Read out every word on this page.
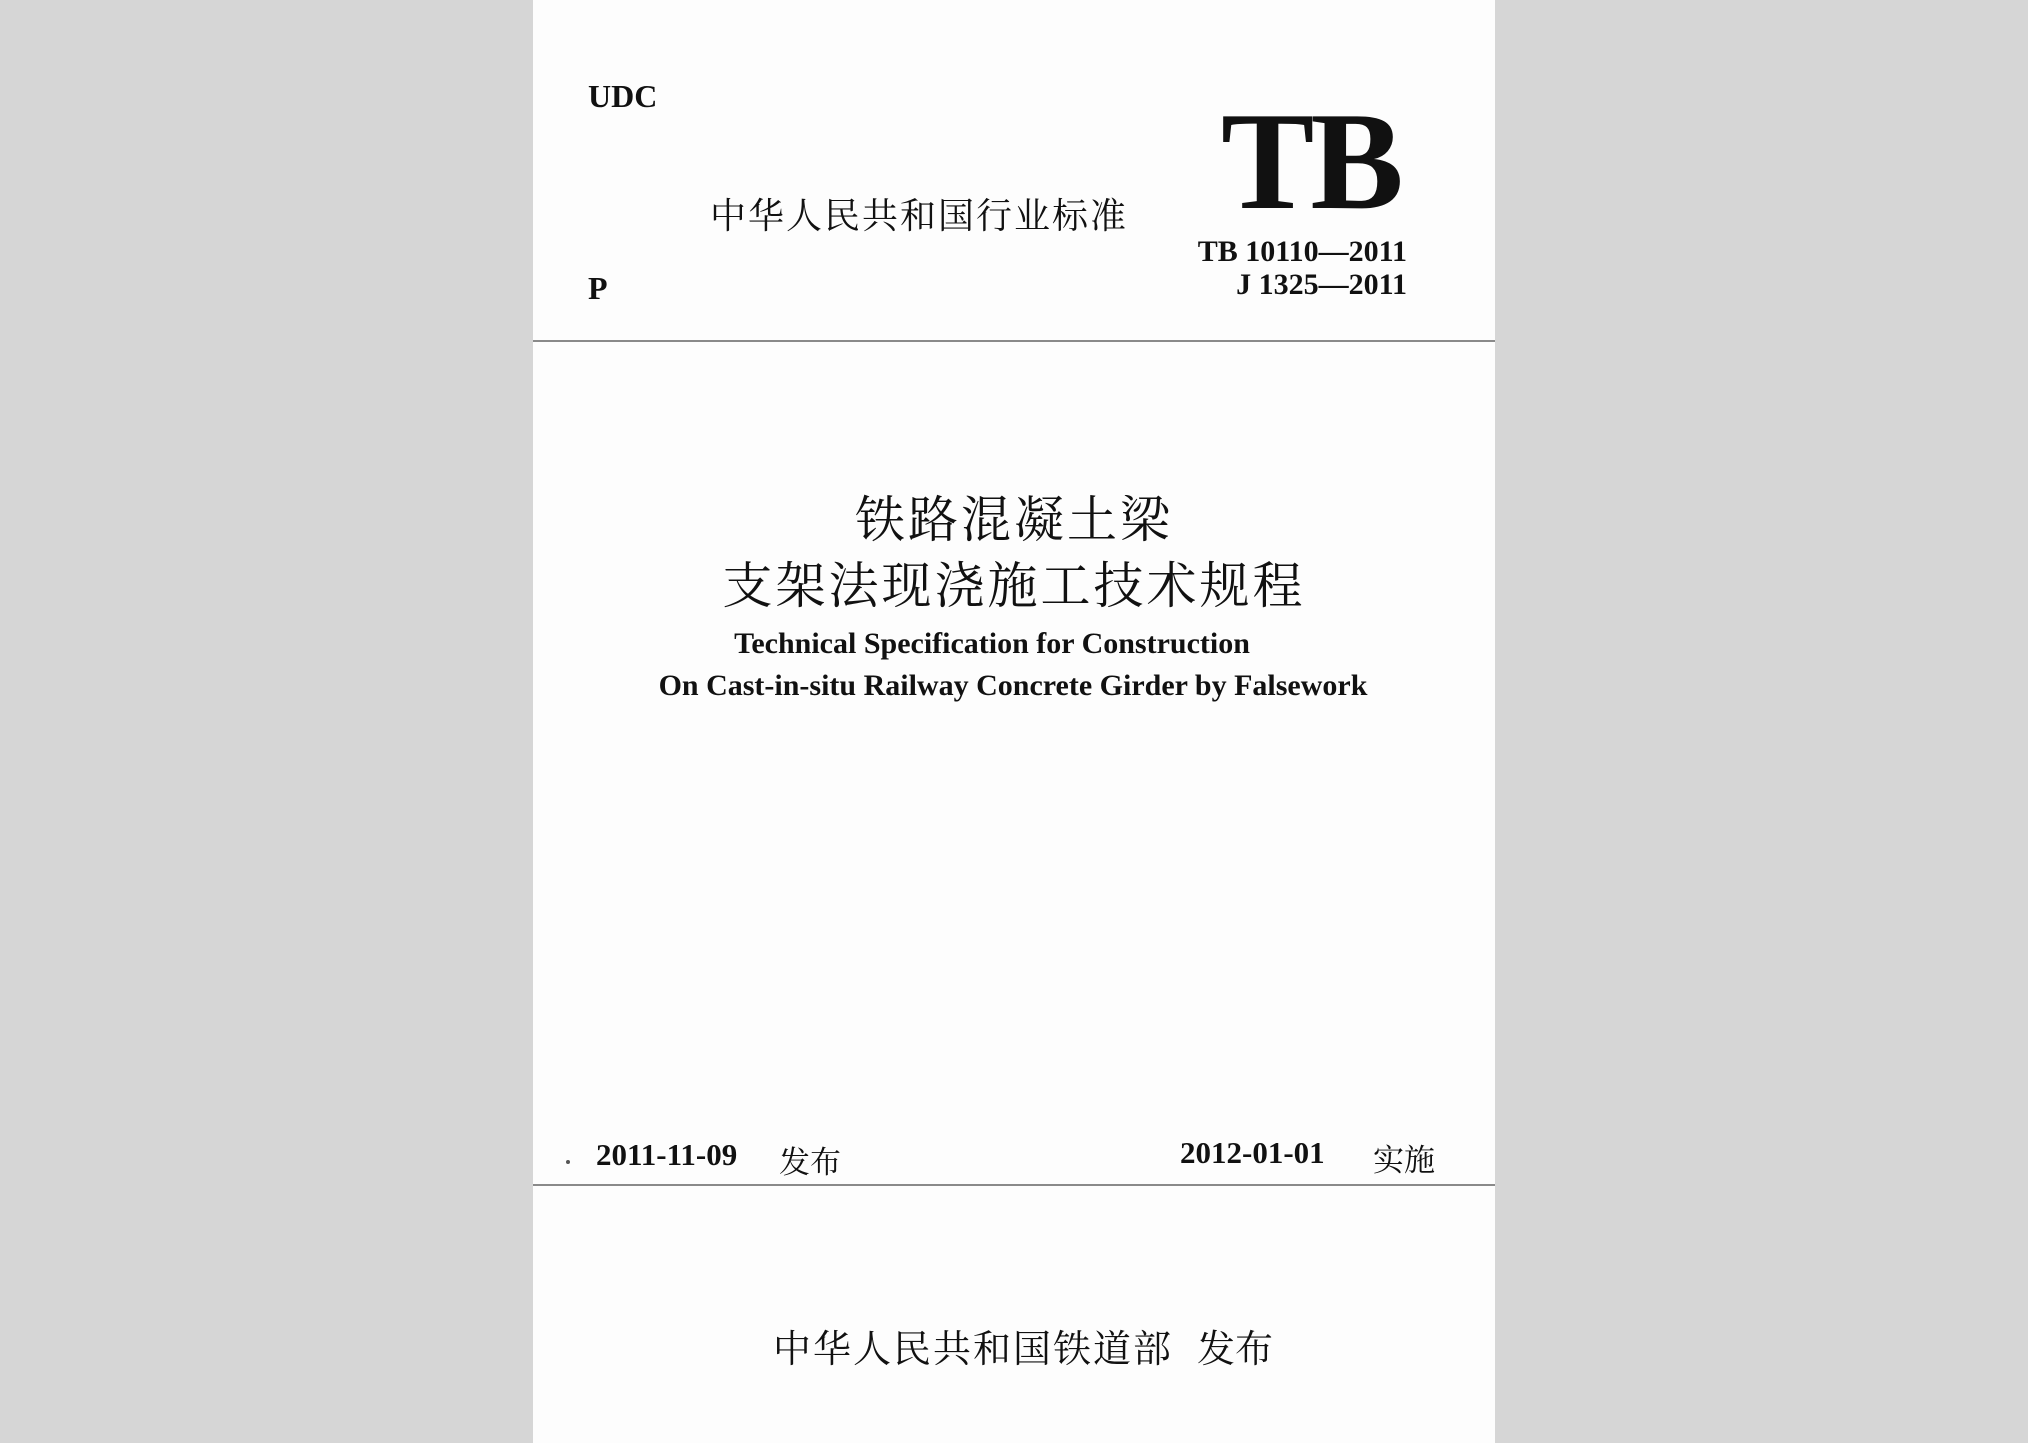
UDC
中华人民共和国行业标准 TB
TB 10110—2011
P	J 1325—2011
铁路混凝土梁
支架法现浇施工技术规程
Technical Specification for Construction
On Cast-in-situ Railway Concrete Girder by Falsework
2011-11-09 发布	2012-01-01 实施
中华人民共和国铁道部 发布
